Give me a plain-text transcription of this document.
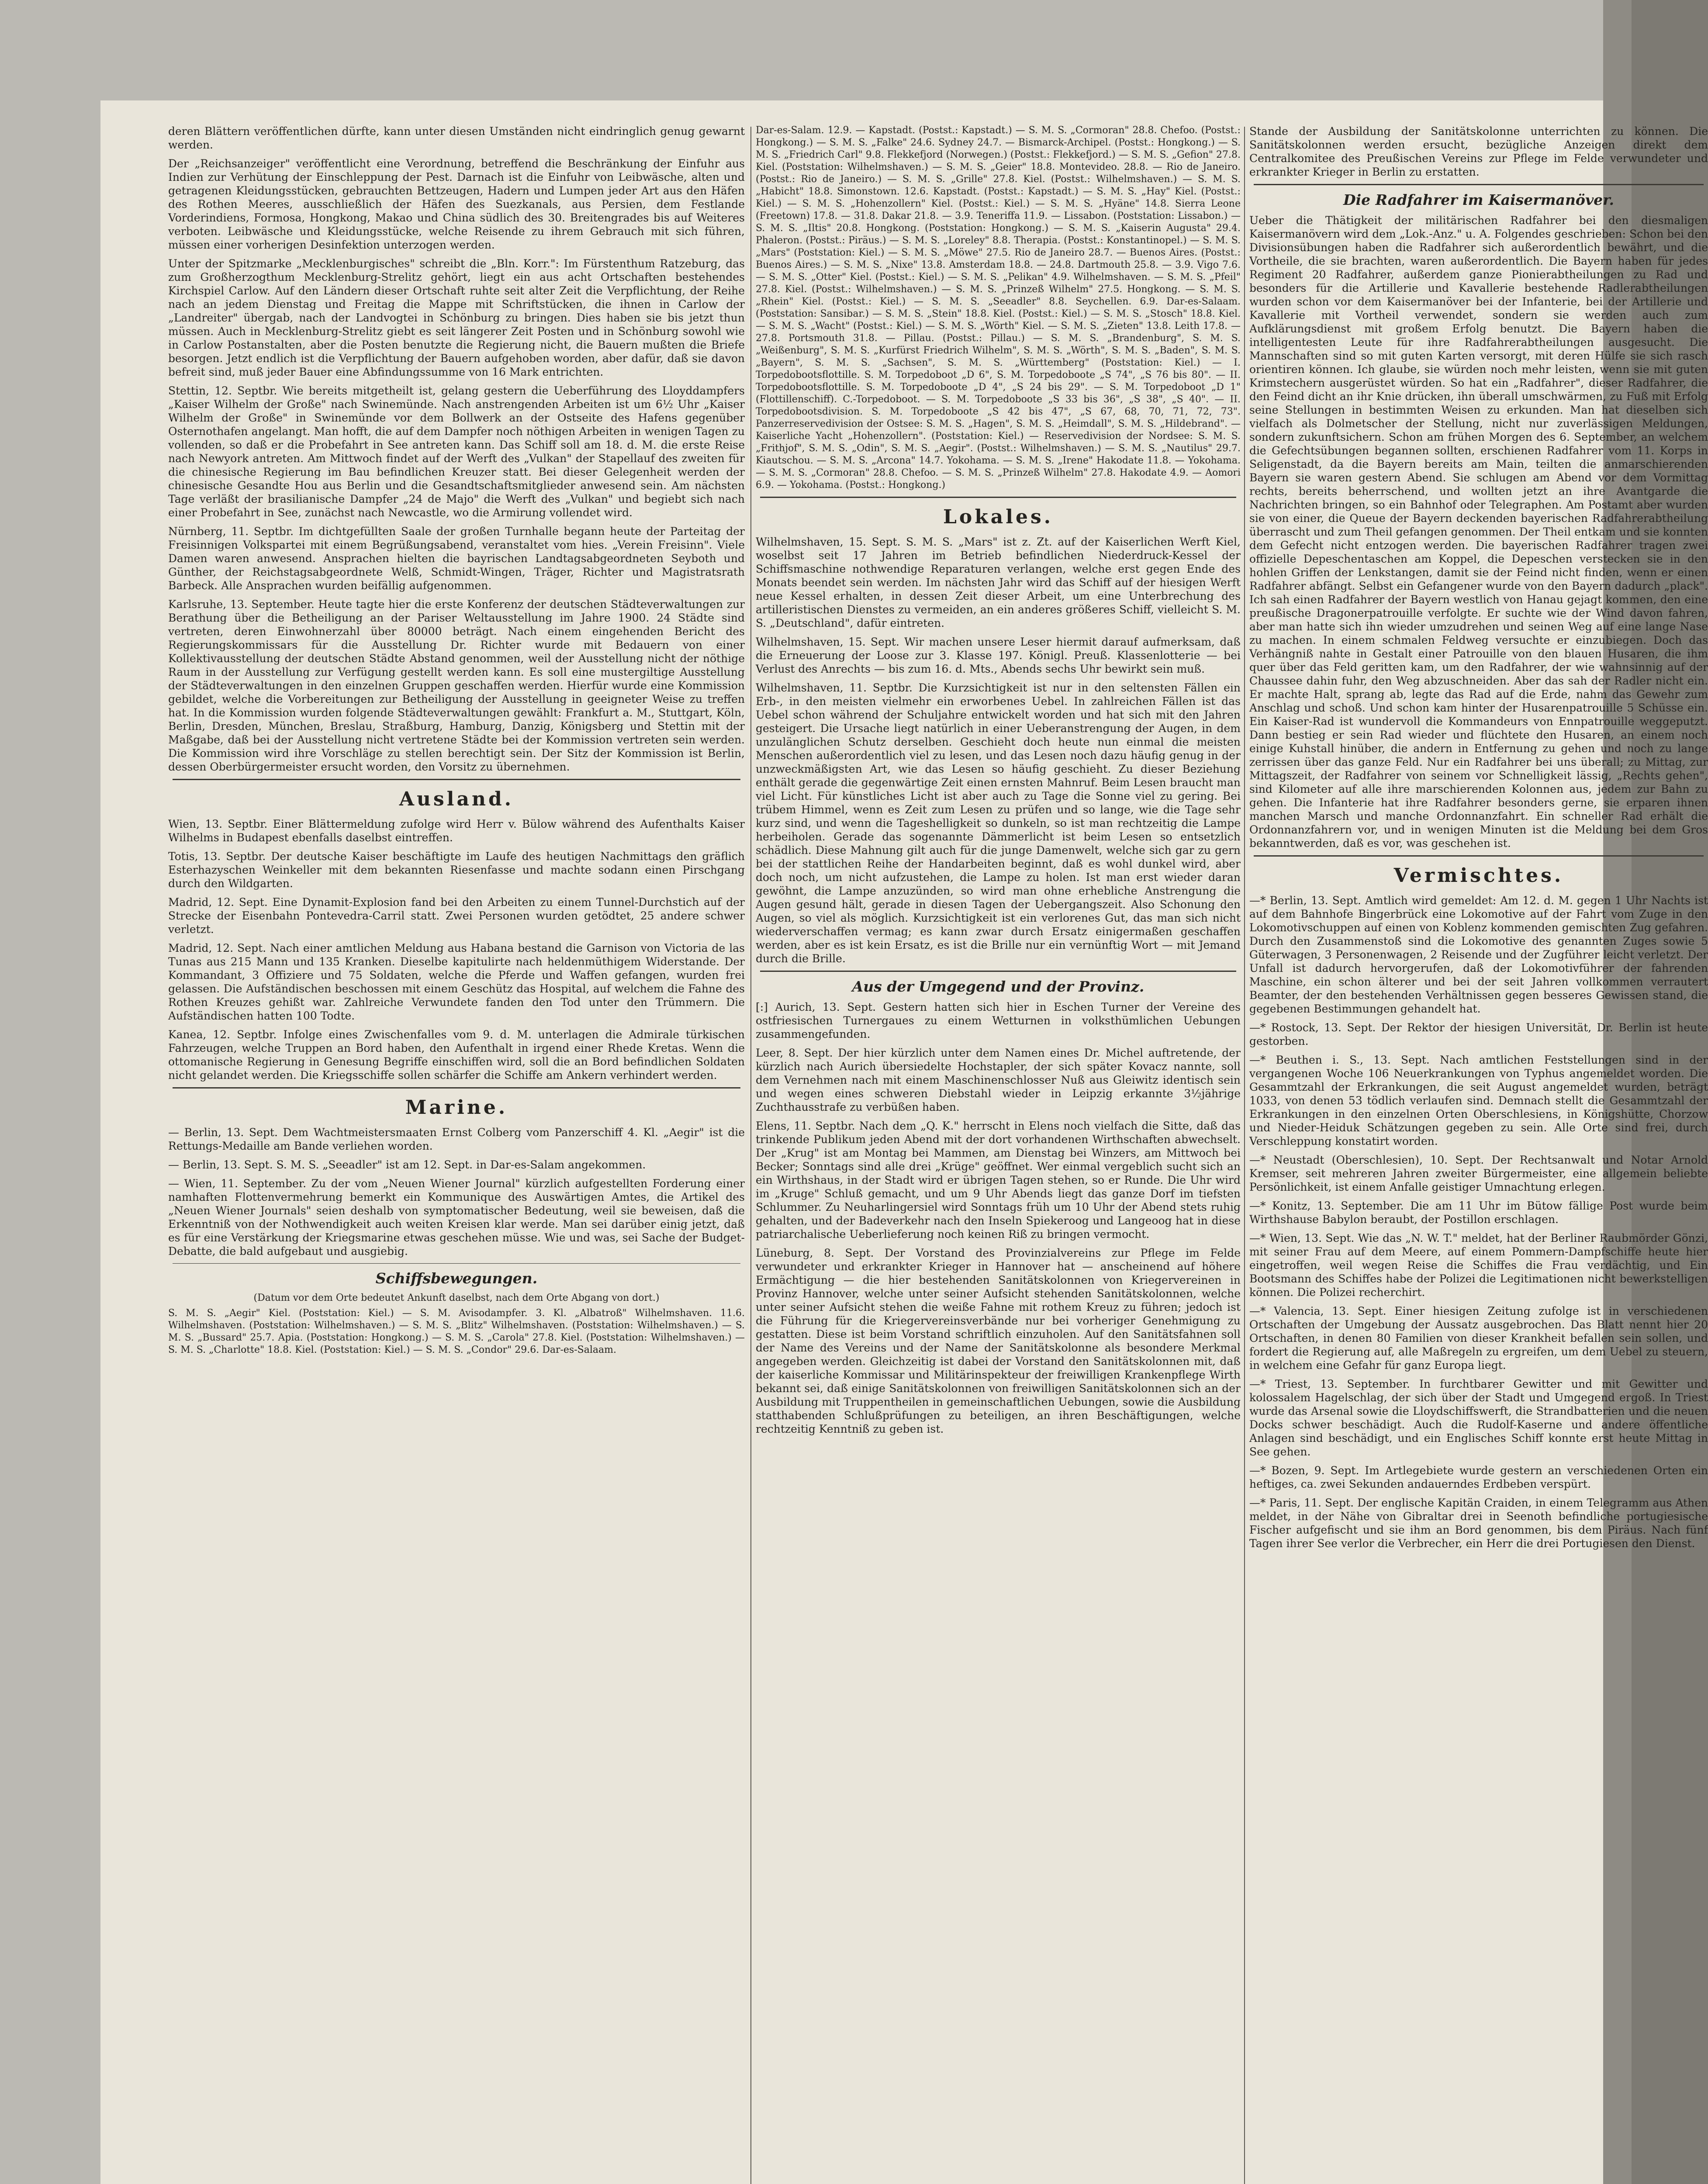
deren Blättern veröffentlichen dürfte, kann unter diesen Umständen nicht eindringlich genug gewarnt werden.

Der „Reichsanzeiger" veröffentlicht eine Verordnung, betreffend die Beschränkung der Einfuhr aus Indien zur Verhütung der Einschleppung der Pest. Darnach ist die Einfuhr von Leibwäsche, alten und getragenen Kleidungsstücken, gebrauchten Bettzeugen, Hadern und Lumpen jeder Art aus den Häfen des Rothen Meeres, ausschließlich der Häfen des Suezkanals, aus Persien, dem Festlande Vorderindiens, Formosa, Hongkong, Makao und China südlich des 30. Breitengrades bis auf Weiteres verboten. Leibwäsche und Kleidungsstücke, welche Reisende zu ihrem Gebrauch mit sich führen, müssen einer vorherigen Desinfektion unterzogen werden.

Unter der Spitzmarke „Mecklenburgisches" schreibt die „Bln. Korr.": Im Fürstenthum Ratzeburg, das zum Großherzogthum Mecklenburg-Strelitz gehört, liegt ein aus acht Ortschaften bestehendes Kirchspiel Carlow. Auf den Ländern dieser Ortschaft ruhte seit alter Zeit die Verpflichtung, der Reihe nach an jedem Dienstag und Freitag die Mappe mit Schriftstücken, die ihnen in Carlow der „Landreiter" übergab, nach der Landvogtei in Schönburg zu bringen. Dies haben sie bis jetzt thun müssen. Auch in Mecklenburg-Strelitz giebt es seit längerer Zeit Posten und in Schönburg sowohl wie in Carlow Postanstalten, aber die Posten benutzte die Regierung nicht, die Bauern mußten die Briefe besorgen. Jetzt endlich ist die Verpflichtung der Bauern aufgehoben worden, aber dafür, daß sie davon befreit sind, muß jeder Bauer eine Abfindungssumme von 16 Mark entrichten.

Stettin, 12. Septbr. Wie bereits mitgetheilt ist, gelang gestern die Ueberführung des Lloyddampfers „Kaiser Wilhelm der Große" nach Swinemünde. Nach anstrengenden Arbeiten ist um 6½ Uhr „Kaiser Wilhelm der Große" in Swinemünde vor dem Bollwerk an der Ostseite des Hafens gegenüber Osternothafen angelangt. Man hofft, die auf dem Dampfer noch nöthigen Arbeiten in wenigen Tagen zu vollenden, so daß er die Probefahrt in See antreten kann. Das Schiff soll am 18. d. M. die erste Reise nach Newyork antreten. Am Mittwoch findet auf der Werft des „Vulkan" der Stapellauf des zweiten für die chinesische Regierung im Bau befindlichen Kreuzer statt. Bei dieser Gelegenheit werden der chinesische Gesandte Hou aus Berlin und die Gesandtschaftsmitglieder anwesend sein. Am nächsten Tage verläßt der brasilianische Dampfer „24 de Majo" die Werft des „Vulkan" und begiebt sich nach einer Probefahrt in See, zunächst nach Newcastle, wo die Armirung vollendet wird.

Nürnberg, 11. Septbr. Im dichtgefüllten Saale der großen Turnhalle begann heute der Parteitag der Freisinnigen Volkspartei mit einem Begrüßungsabend, veranstaltet vom hies. „Verein Freisinn". Viele Damen waren anwesend. Ansprachen hielten die bayrischen Landtagsabgeordneten Seyboth und Günther, der Reichstagsabgeordnete Welß, Schmidt-Wingen, Träger, Richter und Magistratsrath Barbeck. Alle Ansprachen wurden beifällig aufgenommen.

Karlsruhe, 13. September. Heute tagte hier die erste Konferenz der deutschen Städteverwaltungen zur Berathung über die Betheiligung an der Pariser Weltausstellung im Jahre 1900. 24 Städte sind vertreten, deren Einwohnerzahl über 80000 beträgt. Nach einem eingehenden Bericht des Regierungskommissars für die Ausstellung Dr. Richter wurde mit Bedauern von einer Kollektivausstellung der deutschen Städte Abstand genommen, weil der Ausstellung nicht der nöthige Raum in der Ausstellung zur Verfügung gestellt werden kann. Es soll eine mustergiltige Ausstellung der Städteverwaltungen in den einzelnen Gruppen geschaffen werden. Hierfür wurde eine Kommission gebildet, welche die Vorbereitungen zur Betheiligung der Ausstellung in geeigneter Weise zu treffen hat. In die Kommission wurden folgende Städteverwaltungen gewählt: Frankfurt a. M., Stuttgart, Köln, Berlin, Dresden, München, Breslau, Straßburg, Hamburg, Danzig, Königsberg und Stettin mit der Maßgabe, daß bei der Ausstellung nicht vertretene Städte bei der Kommission vertreten sein werden. Die Kommission wird ihre Vorschläge zu stellen berechtigt sein. Der Sitz der Kommission ist Berlin, dessen Oberbürgermeister ersucht worden, den Vorsitz zu übernehmen.

Ausland.

Wien, 13. Septbr. Einer Blättermeldung zufolge wird Herr v. Bülow während des Aufenthalts Kaiser Wilhelms in Budapest ebenfalls daselbst eintreffen.

Totis, 13. Septbr. Der deutsche Kaiser beschäftigte im Laufe des heutigen Nachmittags den gräflich Esterhazyschen Weinkeller mit dem bekannten Riesenfasse und machte sodann einen Pirschgang durch den Wildgarten.

Madrid, 12. Sept. Eine Dynamit-Explosion fand bei den Arbeiten zu einem Tunnel-Durchstich auf der Strecke der Eisenbahn Pontevedra-Carril statt. Zwei Personen wurden getödtet, 25 andere schwer verletzt.

Madrid, 12. Sept. Nach einer amtlichen Meldung aus Habana bestand die Garnison von Victoria de las Tunas aus 215 Mann und 135 Kranken. Dieselbe kapitulirte nach heldenmüthigem Widerstande. Der Kommandant, 3 Offiziere und 75 Soldaten, welche die Pferde und Waffen gefangen, wurden frei gelassen. Die Aufständischen beschossen mit einem Geschütz das Hospital, auf welchem die Fahne des Rothen Kreuzes gehißt war. Zahlreiche Verwundete fanden den Tod unter den Trümmern. Die Aufständischen hatten 100 Todte.

Kanea, 12. Septbr. Infolge eines Zwischenfalles vom 9. d. M. unterlagen die Admirale türkischen Fahrzeugen, welche Truppen an Bord haben, den Aufenthalt in irgend einer Rhede Kretas. Wenn die ottomanische Regierung in Genesung Begriffe einschiffen wird, soll die an Bord befindlichen Soldaten nicht gelandet werden. Die Kriegsschiffe sollen schärfer die Schiffe am Ankern verhindert werden.

Marine.

— Berlin, 13. Sept. Dem Wachtmeistersmaaten Ernst Colberg vom Panzerschiff 4. Kl. „Aegir" ist die Rettungs-Medaille am Bande verliehen worden.

— Berlin, 13. Sept. S. M. S. „Seeadler" ist am 12. Sept. in Dar-es-Salam angekommen.

— Wien, 11. September. Zu der vom „Neuen Wiener Journal" kürzlich aufgestellten Forderung einer namhaften Flottenvermehrung bemerkt ein Kommunique des Auswärtigen Amtes, die Artikel des „Neuen Wiener Journals" seien deshalb von symptomatischer Bedeutung, weil sie beweisen, daß die Erkenntniß von der Nothwendigkeit auch weiten Kreisen klar werde. Man sei darüber einig jetzt, daß es für eine Verstärkung der Kriegsmarine etwas geschehen müsse. Wie und was, sei Sache der Budget-Debatte, die bald aufgebaut und ausgiebig.

Schiffsbewegungen.
(Datum vor dem Orte bedeutet Ankunft daselbst, nach dem Orte Abgang von dort.)

S. M. S. „Aegir" Kiel. (Poststation: Kiel.) — S. M. Avisodampfer. 3. Kl. „Albatroß" Wilhelmshaven. 11.6. Wilhelmshaven. (Poststation: Wilhelmshaven.) — S. M. S. „Blitz" Wilhelmshaven. (Poststation: Wilhelmshaven.) — S. M. S. „Bussard" 25.7. Apia. (Poststation: Hongkong.) — S. M. S. „Carola" 27.8. Kiel. (Poststation: Wilhelmshaven.) — S. M. S. „Charlotte" 18.8. Kiel. (Poststation: Kiel.) — S. M. S. „Condor" 29.6. Dar-es-Salaam.

Dar-es-Salam. 12.9. — Kapstadt. (Postst.: Kapstadt.) — S. M. S. „Cormoran" 28.8. Chefoo. (Postst.: Hongkong.) — S. M. S. „Falke" 24.6. Sydney 24.7. — Bismarck-Archipel. (Postst.: Hongkong.) — S. M. S. „Friedrich Carl" 9.8. Flekkefjord (Norwegen.) (Postst.: Flekkefjord.) — S. M. S. „Gefion" 27.8. Kiel. (Poststation: Wilhelmshaven.) — S. M. S. „Geier" 18.8. Montevideo. 28.8. — Rio de Janeiro. (Postst.: Rio de Janeiro.) — S. M. S. „Grille" 27.8. Kiel. (Postst.: Wilhelmshaven.) — S. M. S. „Habicht" 18.8. Simonstown. 12.6. Kapstadt. (Postst.: Kapstadt.) — S. M. S. „Hay" Kiel. (Postst.: Kiel.) — S. M. S. „Hohenzollern" Kiel. (Postst.: Kiel.) — S. M. S. „Hyäne" 14.8. Sierra Leone (Freetown) 17.8. — 31.8. Dakar 21.8. — 3.9. Teneriffa 11.9. — Lissabon. (Poststation: Lissabon.) — S. M. S. „Iltis" 20.8. Hongkong. (Poststation: Hongkong.) — S. M. S. „Kaiserin Augusta" 29.4. Phaleron. (Postst.: Piräus.) — S. M. S. „Loreley" 8.8. Therapia. (Postst.: Konstantinopel.) — S. M. S. „Mars" (Poststation: Kiel.) — S. M. S. „Möwe" 27.5. Rio de Janeiro 28.7. — Buenos Aires. (Postst.: Buenos Aires.) — S. M. S. „Nixe" 13.8. Amsterdam 18.8. — 24.8. Dartmouth 25.8. — 3.9. Vigo 7.6. — S. M. S. „Otter" Kiel. (Postst.: Kiel.) — S. M. S. „Pelikan" 4.9. Wilhelmshaven. — S. M. S. „Pfeil" 27.8. Kiel. (Postst.: Wilhelmshaven.) — S. M. S. „Prinzeß Wilhelm" 27.5. Hongkong. — S. M. S. „Rhein" Kiel. (Postst.: Kiel.) — S. M. S. „Seeadler" 8.8. Seychellen. 6.9. Dar-es-Salaam. (Poststation: Sansibar.) — S. M. S. „Stein" 18.8. Kiel. (Postst.: Kiel.) — S. M. S. „Stosch" 18.8. Kiel. — S. M. S. „Wacht" (Postst.: Kiel.) — S. M. S. „Wörth" Kiel. — S. M. S. „Zieten" 13.8. Leith 17.8. — 27.8. Portsmouth 31.8. — Pillau. (Postst.: Pillau.) — S. M. S. „Brandenburg", S. M. S. „Weißenburg", S. M. S. „Kurfürst Friedrich Wilhelm", S. M. S. „Wörth", S. M. S. „Baden", S. M. S. „Bayern", S. M. S. „Sachsen", S. M. S. „Württemberg" (Poststation: Kiel.) — I. Torpedobootsflottille. S. M. Torpedoboot „D 6", S. M. Torpedoboote „S 74", „S 76 bis 80". — II. Torpedobootsflottille. S. M. Torpedoboote „D 4", „S 24 bis 29". — S. M. Torpedoboot „D 1" (Flottillenschiff). C.-Torpedoboot. — S. M. Torpedoboote „S 33 bis 36", „S 38", „S 40". — II. Torpedobootsdivision. S. M. Torpedoboote „S 42 bis 47", „S 67, 68, 70, 71, 72, 73". Panzerreservedivision der Ostsee: S. M. S. „Hagen", S. M. S. „Heimdall", S. M. S. „Hildebrand". — Kaiserliche Yacht „Hohenzollern". (Poststation: Kiel.) — Reservedivision der Nordsee: S. M. S. „Frithjof", S. M. S. „Odin", S. M. S. „Aegir". (Postst.: Wilhelmshaven.) — S. M. S. „Nautilus" 29.7. Kiautschou. — S. M. S. „Arcona" 14.7. Yokohama. — S. M. S. „Irene" Hakodate 11.8. — Yokohama. — S. M. S. „Cormoran" 28.8. Chefoo. — S. M. S. „Prinzeß Wilhelm" 27.8. Hakodate 4.9. — Aomori 6.9. — Yokohama. (Postst.: Hongkong.)

Lokales.

Wilhelmshaven, 15. Sept. S. M. S. „Mars" ist z. Zt. auf der Kaiserlichen Werft Kiel, woselbst seit 17 Jahren im Betrieb befindlichen Niederdruck-Kessel der Schiffsmaschine nothwendige Reparaturen verlangen, welche erst gegen Ende des Monats beendet sein werden. Im nächsten Jahr wird das Schiff auf der hiesigen Werft neue Kessel erhalten, in dessen Zeit dieser Arbeit, um eine Unterbrechung des artilleristischen Dienstes zu vermeiden, an ein anderes größeres Schiff, vielleicht S. M. S. „Deutschland", dafür eintreten.

Wilhelmshaven, 15. Sept. Wir machen unsere Leser hiermit darauf aufmerksam, daß die Erneuerung der Loose zur 3. Klasse 197. Königl. Preuß. Klassenlotterie — bei Verlust des Anrechts — bis zum 16. d. Mts., Abends sechs Uhr bewirkt sein muß.

Wilhelmshaven, 11. Septbr. Die Kurzsichtigkeit ist nur in den seltensten Fällen ein Erb-, in den meisten vielmehr ein erworbenes Uebel. In zahlreichen Fällen ist das Uebel schon während der Schuljahre entwickelt worden und hat sich mit den Jahren gesteigert. Die Ursache liegt natürlich in einer Ueberanstrengung der Augen, in dem unzulänglichen Schutz derselben. Geschieht doch heute nun einmal die meisten Menschen außerordentlich viel zu lesen, und das Lesen noch dazu häufig genug in der unzweckmäßigsten Art, wie das Lesen so häufig geschieht. Zu dieser Beziehung enthält gerade die gegenwärtige Zeit einen ernsten Mahnruf. Beim Lesen braucht man viel Licht. Für künstliches Licht ist aber auch zu Tage die Sonne viel zu gering. Bei trübem Himmel, wenn es Zeit zum Lesen zu prüfen und so lange, wie die Tage sehr kurz sind, und wenn die Tageshelligkeit so dunkeln, so ist man rechtzeitig die Lampe herbeiholen. Gerade das sogenannte Dämmerlicht ist beim Lesen so entsetzlich schädlich. Diese Mahnung gilt auch für die junge Damenwelt, welche sich gar zu gern bei der stattlichen Reihe der Handarbeiten beginnt, daß es wohl dunkel wird, aber doch noch, um nicht aufzustehen, die Lampe zu holen. Ist man erst wieder daran gewöhnt, die Lampe anzuzünden, so wird man ohne erhebliche Anstrengung die Augen gesund hält, gerade in diesen Tagen der Uebergangszeit. Also Schonung den Augen, so viel als möglich. Kurzsichtigkeit ist ein verlorenes Gut, das man sich nicht wiederverschaffen vermag; es kann zwar durch Ersatz einigermaßen geschaffen werden, aber es ist kein Ersatz, es ist die Brille nur ein vernünftig Wort — mit Jemand durch die Brille.

Aus der Umgegend und der Provinz.

[:] Aurich, 13. Sept. Gestern hatten sich hier in Eschen Turner der Vereine des ostfriesischen Turnergaues zu einem Wetturnen in volksthümlichen Uebungen zusammengefunden.

Leer, 8. Sept. Der hier kürzlich unter dem Namen eines Dr. Michel auftretende, der kürzlich nach Aurich übersiedelte Hochstapler, der sich später Kovacz nannte, soll dem Vernehmen nach mit einem Maschinenschlosser Nuß aus Gleiwitz identisch sein und wegen eines schweren Diebstahl wieder in Leipzig erkannte 3½jährige Zuchthausstrafe zu verbüßen haben.

Elens, 11. Septbr. Nach dem „Q. K." herrscht in Elens noch vielfach die Sitte, daß das trinkende Publikum jeden Abend mit der dort vorhandenen Wirthschaften abwechselt. Der „Krug" ist am Montag bei Mammen, am Dienstag bei Winzers, am Mittwoch bei Becker; Sonntags sind alle drei „Krüge" geöffnet. Wer einmal vergeblich sucht sich an ein Wirthshaus, in der Stadt wird er übrigen Tagen stehen, so er Runde. Die Uhr wird im „Kruge" Schluß gemacht, und um 9 Uhr Abends liegt das ganze Dorf im tiefsten Schlummer. Zu Neuharlingersiel wird Sonntags früh um 10 Uhr der Abend stets ruhig gehalten, und der Badeverkehr nach den Inseln Spiekeroog und Langeoog hat in diese patriarchalische Ueberlieferung noch keinen Riß zu bringen vermocht.

Lüneburg, 8. Sept. Der Vorstand des Provinzialvereins zur Pflege im Felde verwundeter und erkrankter Krieger in Hannover hat — anscheinend auf höhere Ermächtigung — die hier bestehenden Sanitätskolonnen von Kriegervereinen in Provinz Hannover, welche unter seiner Aufsicht stehenden Sanitätskolonnen, welche unter seiner Aufsicht stehen die weiße Fahne mit rothem Kreuz zu führen; jedoch ist die Führung für die Kriegervereinsverbände nur bei vorheriger Genehmigung zu gestatten. Diese ist beim Vorstand schriftlich einzuholen. Auf den Sanitätsfahnen soll der Name des Vereins und der Name der Sanitätskolonne als besondere Merkmal angegeben werden. Gleichzeitig ist dabei der Vorstand den Sanitätskolonnen mit, daß der kaiserliche Kommissar und Militärinspekteur der freiwilligen Krankenpflege Wirth bekannt sei, daß einige Sanitätskolonnen von freiwilligen Sanitätskolonnen sich an der Ausbildung mit Truppentheilen in gemeinschaftlichen Uebungen, sowie die Ausbildung statthabenden Schlußprüfungen zu beteiligen, an ihren Beschäftigungen, welche rechtzeitig Kenntniß zu geben ist.

Stande der Ausbildung der Sanitätskolonne unterrichten zu können. Die Sanitätskolonnen werden ersucht, bezügliche Anzeigen direkt dem Centralkomitee des Preußischen Vereins zur Pflege im Felde verwundeter und erkrankter Krieger in Berlin zu erstatten.

Die Radfahrer im Kaisermanöver.

Ueber die Thätigkeit der militärischen Radfahrer bei den diesmaligen Kaisermanövern wird dem „Lok.-Anz." u. A. Folgendes geschrieben: Schon bei den Divisionsübungen haben die Radfahrer sich außerordentlich bewährt, und die Vortheile, die sie brachten, waren außerordentlich. Die Bayern haben für jedes Regiment 20 Radfahrer, außerdem ganze Pionierabtheilungen zu Rad und besonders für die Artillerie und Kavallerie bestehende Radlerabtheilungen wurden schon vor dem Kaisermanöver bei der Infanterie, bei der Artillerie und Kavallerie mit Vortheil verwendet, sondern sie werden auch zum Aufklärungsdienst mit großem Erfolg benutzt. Die Bayern haben die intelligentesten Leute für ihre Radfahrerabtheilungen ausgesucht. Die Mannschaften sind so mit guten Karten versorgt, mit deren Hülfe sie sich rasch orientiren können. Ich glaube, sie würden noch mehr leisten, wenn sie mit guten Krimstechern ausgerüstet würden. So hat ein „Radfahrer", dieser Radfahrer, die den Feind dicht an ihr Knie drücken, ihn überall umschwärmen, zu Fuß mit Erfolg seine Stellungen in bestimmten Weisen zu erkunden. Man hat dieselben sich vielfach als Dolmetscher der Stellung, nicht nur zuverlässigen Meldungen, sondern zukunftsichern. Schon am frühen Morgen des 6. September, an welchem die Gefechtsübungen begannen sollten, erschienen Radfahrer vom 11. Korps in Seligenstadt, da die Bayern bereits am Main, teilten die anmarschierenden Bayern sie waren gestern Abend. Sie schlugen am Abend vor dem Vormittag rechts, bereits beherrschend, und wollten jetzt an ihre Avantgarde die Nachrichten bringen, so ein Bahnhof oder Telegraphen. Am Postamt aber wurden sie von einer, die Queue der Bayern deckenden bayerischen Radfahrerabtheilung überrascht und zum Theil gefangen genommen. Der Theil entkam und sie konnten dem Gefecht nicht entzogen werden. Die bayerischen Radfahrer tragen zwei offizielle Depeschentaschen am Koppel, die Depeschen verstecken sie in den hohlen Griffen der Lenkstangen, damit sie der Feind nicht finden, wenn er einen Radfahrer abfängt. Selbst ein Gefangener wurde von den Bayern dadurch „plack". Ich sah einen Radfahrer der Bayern westlich von Hanau gejagt kommen, den eine preußische Dragonerpatrouille verfolgte. Er suchte wie der Wind davon fahren, aber man hatte sich ihn wieder umzudrehen und seinen Weg auf eine lange Nase zu machen. In einem schmalen Feldweg versuchte er einzubiegen. Doch das Verhängniß nahte in Gestalt einer Patrouille von den blauen Husaren, die ihm quer über das Feld geritten kam, um den Radfahrer, der wie wahnsinnig auf der Chaussee dahin fuhr, den Weg abzuschneiden. Aber das sah der Radler nicht ein. Er machte Halt, sprang ab, legte das Rad auf die Erde, nahm das Gewehr zum Anschlag und schoß. Und schon kam hinter der Husarenpatrouille 5 Schüsse ein. Ein Kaiser-Rad ist wundervoll die Kommandeurs von Ennpatrouille weggeputzt. Dann bestieg er sein Rad wieder und flüchtete den Husaren, an einem noch einige Kuhstall hinüber, die andern in Entfernung zu gehen und noch zu lange zerrissen über das ganze Feld. Nur ein Radfahrer bei uns überall; zu Mittag, zur Mittagszeit, der Radfahrer von seinem vor Schnelligkeit lässig, „Rechts gehen", sind Kilometer auf alle ihre marschierenden Kolonnen aus, jedem zur Bahn zu gehen. Die Infanterie hat ihre Radfahrer besonders gerne, sie erparen ihnen manchen Marsch und manche Ordonnanzfahrt. Ein schneller Rad erhält die Ordonnanzfahrern vor, und in wenigen Minuten ist die Meldung bei dem Gros bekanntwerden, daß es vor, was geschehen ist.

Vermischtes.

—* Berlin, 13. Sept. Amtlich wird gemeldet: Am 12. d. M. gegen 1 Uhr Nachts ist auf dem Bahnhofe Bingerbrück eine Lokomotive auf der Fahrt vom Zuge in den Lokomotivschuppen auf einen von Koblenz kommenden gemischten Zug gefahren. Durch den Zusammenstoß sind die Lokomotive des genannten Zuges sowie 5 Güterwagen, 3 Personenwagen, 2 Reisende und der Zugführer leicht verletzt. Der Unfall ist dadurch hervorgerufen, daß der Lokomotivführer der fahrenden Maschine, ein schon älterer und bei der seit Jahren vollkommen verrautert Beamter, der den bestehenden Verhältnissen gegen besseres Gewissen stand, die gegebenen Bestimmungen gehandelt hat.

—* Rostock, 13. Sept. Der Rektor der hiesigen Universität, Dr. Berlin ist heute gestorben.

—* Beuthen i. S., 13. Sept. Nach amtlichen Feststellungen sind in der vergangenen Woche 106 Neuerkrankungen von Typhus angemeldet worden. Die Gesammtzahl der Erkrankungen, die seit August angemeldet wurden, beträgt 1033, von denen 53 tödlich verlaufen sind. Demnach stellt die Gesammtzahl der Erkrankungen in den einzelnen Orten Oberschlesiens, in Königshütte, Chorzow und Nieder-Heiduk Schätzungen gegeben zu sein. Alle Orte sind frei, durch Verschleppung konstatirt worden.

—* Neustadt (Oberschlesien), 10. Sept. Der Rechtsanwalt und Notar Arnold Kremser, seit mehreren Jahren zweiter Bürgermeister, eine allgemein beliebte Persönlichkeit, ist einem Anfalle geistiger Umnachtung erlegen.

—* Konitz, 13. September. Die am 11 Uhr im Bütow fällige Post wurde beim Wirthshause Babylon beraubt, der Postillon erschlagen.

—* Wien, 13. Sept. Wie das „N. W. T." meldet, hat der Berliner Raubmörder Gönzi, mit seiner Frau auf dem Meere, auf einem Pommern-Dampfschiffe heute hier eingetroffen, weil wegen Reise die Schiffes die Frau verdächtig, und Ein Bootsmann des Schiffes habe der Polizei die Legitimationen nicht bewerkstelligen können. Die Polizei recherchirt.

—* Valencia, 13. Sept. Einer hiesigen Zeitung zufolge ist in verschiedenen Ortschaften der Umgebung der Aussatz ausgebrochen. Das Blatt nennt hier 20 Ortschaften, in denen 80 Familien von dieser Krankheit befallen sein sollen, und fordert die Regierung auf, alle Maßregeln zu ergreifen, um dem Uebel zu steuern, in welchem eine Gefahr für ganz Europa liegt.

—* Triest, 13. September. In furchtbarer Gewitter und mit Gewitter und kolossalem Hagelschlag, der sich über der Stadt und Umgegend ergoß. In Triest wurde das Arsenal sowie die Lloydschiffswerft, die Strandbatterien und die neuen Docks schwer beschädigt. Auch die Rudolf-Kaserne und andere öffentliche Anlagen sind beschädigt, und ein Englisches Schiff konnte erst heute Mittag in See gehen.

—* Bozen, 9. Sept. Im Artlegebiete wurde gestern an verschiedenen Orten ein heftiges, ca. zwei Sekunden andauerndes Erdbeben verspürt.

—* Paris, 11. Sept. Der englische Kapitän Craiden, in einem Telegramm aus Athen meldet, in der Nähe von Gibraltar drei in Seenoth befindliche portugiesische Fischer aufgefischt und sie ihm an Bord genommen, bis dem Piräus. Nach fünf Tagen ihrer See verlor die Verbrecher, ein Herr die drei Portugiesen den Dienst.
